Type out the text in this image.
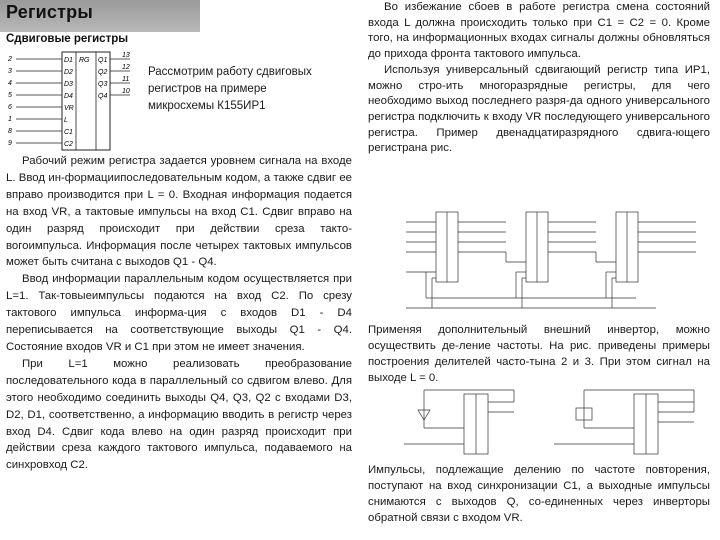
Регистры
Сдвиговые регистры
2
3
4
5
6
1
8
9
D1
D2
D3
D4
VR
L
C1
C2
RG Q1
Q2
Q3
Q4
13
12
11
10
Рассмотрим работу сдвиговых регистров на примере микросхемы К155ИР1

Рабочий режим регистра задается уровнем сигнала на входе L. Ввод ин-формациипоследовательным кодом, а также сдвиг ее вправо производится при L = 0. Входная информация подается на вход VR, а тактовые импульсы на вход C1. Сдвиг вправо на один разряд происходит при действии среза такто-вогоимпульса. Информация после четырех тактовых импульсов может быть считана с выходов Q1 - Q4.

Ввод информации параллельным кодом осуществляется при L=1. Так-товыеимпульсы подаются на вход C2. По срезу тактового импульса информа-ция с входов D1 - D4 переписывается на соответствующие выходы Q1 - Q4. Состояние входов VR и C1 при этом не имеет значения.

При L=1 можно реализовать преобразование последовательного кода в параллельный со сдвигом влево. Для этого необходимо соединить выходы Q4, Q3, Q2 с входами D3, D2, D1, соответственно, а информацию вводить в регистр через вход D4. Сдвиг кода влево на один разряд происходит при действии среза каждого тактового импульса, подаваемого на синхровход C2.

Во избежание сбоев в работе регистра смена состояний входа L должна происходить только при C1 = C2 = 0. Кроме того, на информационных входах сигналы должны обновляться до прихода фронта тактового импульса.

Используя универсальный сдвигающий регистр типа ИР1, можно стро-ить многоразрядные регистры, для чего необходимо выход последнего разря-да одного универсального регистра подключить к входу VR последующего универсального регистра. Пример двенадцатиразрядного сдвига-ющего регистрана рис.

Применяя дополнительный внешний инвертор, можно осуществить де-ление частоты. На рис. приведены примеры построения делителей часто-тына 2 и 3. При этом сигнал на выходе L = 0.

Импульсы, подлежащие делению по частоте повторения, поступают на вход синхронизации C1, а выходные импульсы снимаются с выходов Q, со-единенных через инверторы обратной связи с входом VR.
